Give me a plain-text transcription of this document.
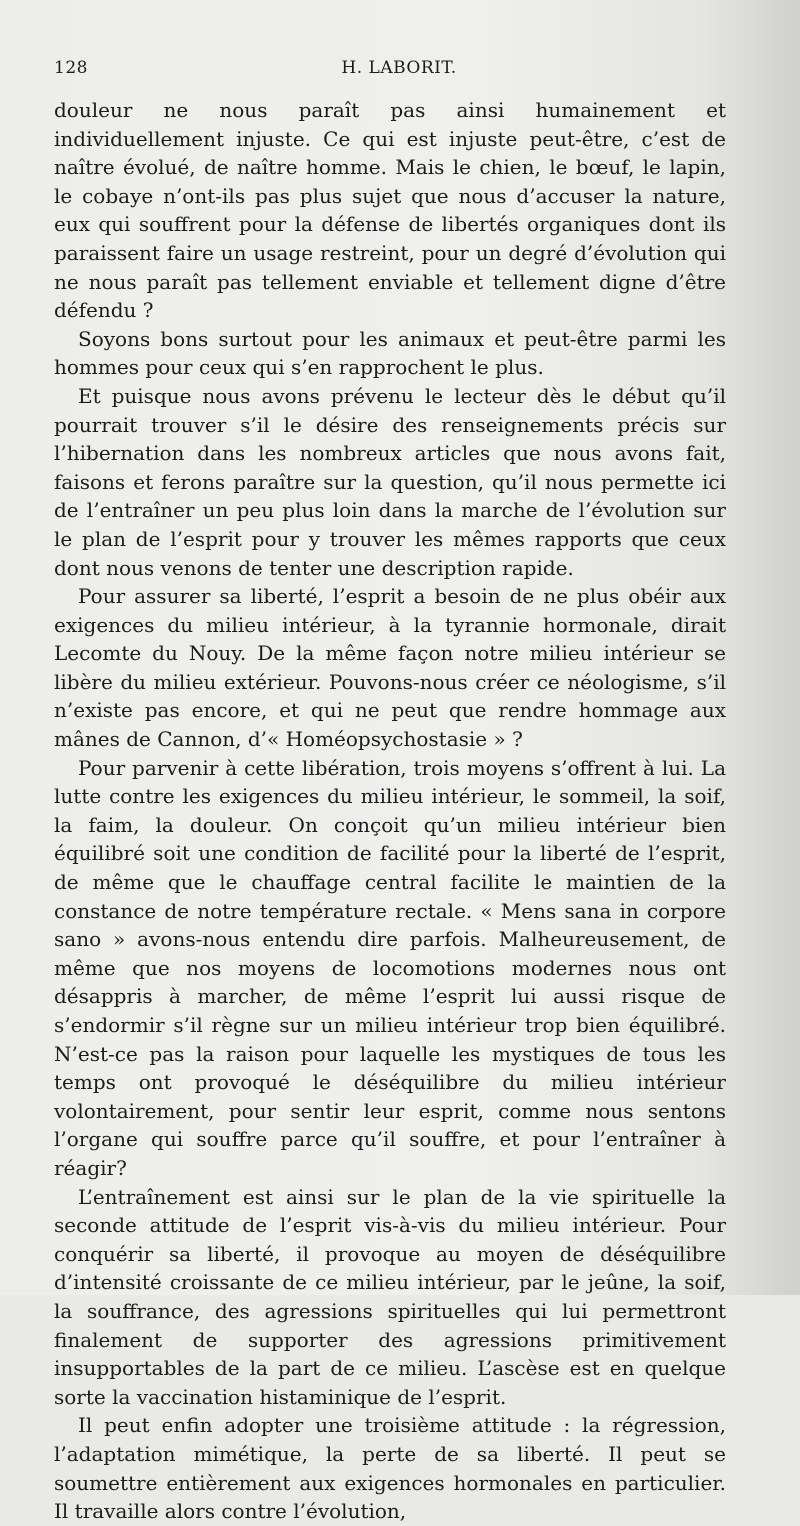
128	H. LABORIT.

douleur ne nous paraît pas ainsi humainement et individuellement injuste. Ce qui est injuste peut-être, c’est de naître évolué, de naître homme. Mais le chien, le bœuf, le lapin, le cobaye n’ont-ils pas plus sujet que nous d’accuser la nature, eux qui souffrent pour la défense de libertés organiques dont ils paraissent faire un usage restreint, pour un degré d’évolution qui ne nous paraît pas tellement enviable et tellement digne d’être défendu ?

Soyons bons surtout pour les animaux et peut-être parmi les hommes pour ceux qui s’en rapprochent le plus.

Et puisque nous avons prévenu le lecteur dès le début qu’il pourrait trouver s’il le désire des renseignements précis sur l’hibernation dans les nombreux articles que nous avons fait, faisons et ferons paraître sur la question, qu’il nous permette ici de l’entraîner un peu plus loin dans la marche de l’évolution sur le plan de l’esprit pour y trouver les mêmes rapports que ceux dont nous venons de tenter une description rapide.

Pour assurer sa liberté, l’esprit a besoin de ne plus obéir aux exigences du milieu intérieur, à la tyrannie hormonale, dirait Lecomte du Nouy. De la même façon notre milieu intérieur se libère du milieu extérieur. Pouvons-nous créer ce néologisme, s’il n’existe pas encore, et qui ne peut que rendre hommage aux mânes de Cannon, d’« Homéopsychostasie » ?

Pour parvenir à cette libération, trois moyens s’offrent à lui. La lutte contre les exigences du milieu intérieur, le sommeil, la soif, la faim, la douleur. On conçoit qu’un milieu intérieur bien équilibré soit une condition de facilité pour la liberté de l’esprit, de même que le chauffage central facilite le maintien de la constance de notre température rectale. « Mens sana in corpore sano » avons-nous entendu dire parfois. Malheureusement, de même que nos moyens de locomotions modernes nous ont désappris à marcher, de même l’esprit lui aussi risque de s’endormir s’il règne sur un milieu intérieur trop bien équilibré. N’est-ce pas la raison pour laquelle les mystiques de tous les temps ont provoqué le déséquilibre du milieu intérieur volontairement, pour sentir leur esprit, comme nous sentons l’organe qui souffre parce qu’il souffre, et pour l’entraîner à réagir?

L’entraînement est ainsi sur le plan de la vie spirituelle la seconde attitude de l’esprit vis-à-vis du milieu intérieur. Pour conquérir sa liberté, il provoque au moyen de déséquilibre d’intensité croissante de ce milieu intérieur, par le jeûne, la soif, la souffrance, des agressions spirituelles qui lui permettront finalement de supporter des agressions primitivement insupportables de la part de ce milieu. L’ascèse est en quelque sorte la vaccination histaminique de l’esprit.

Il peut enfin adopter une troisième attitude : la régression, l’adaptation mimétique, la perte de sa liberté. Il peut se soumettre entièrement aux exigences hormonales en particulier. Il travaille alors contre l’évolution,
